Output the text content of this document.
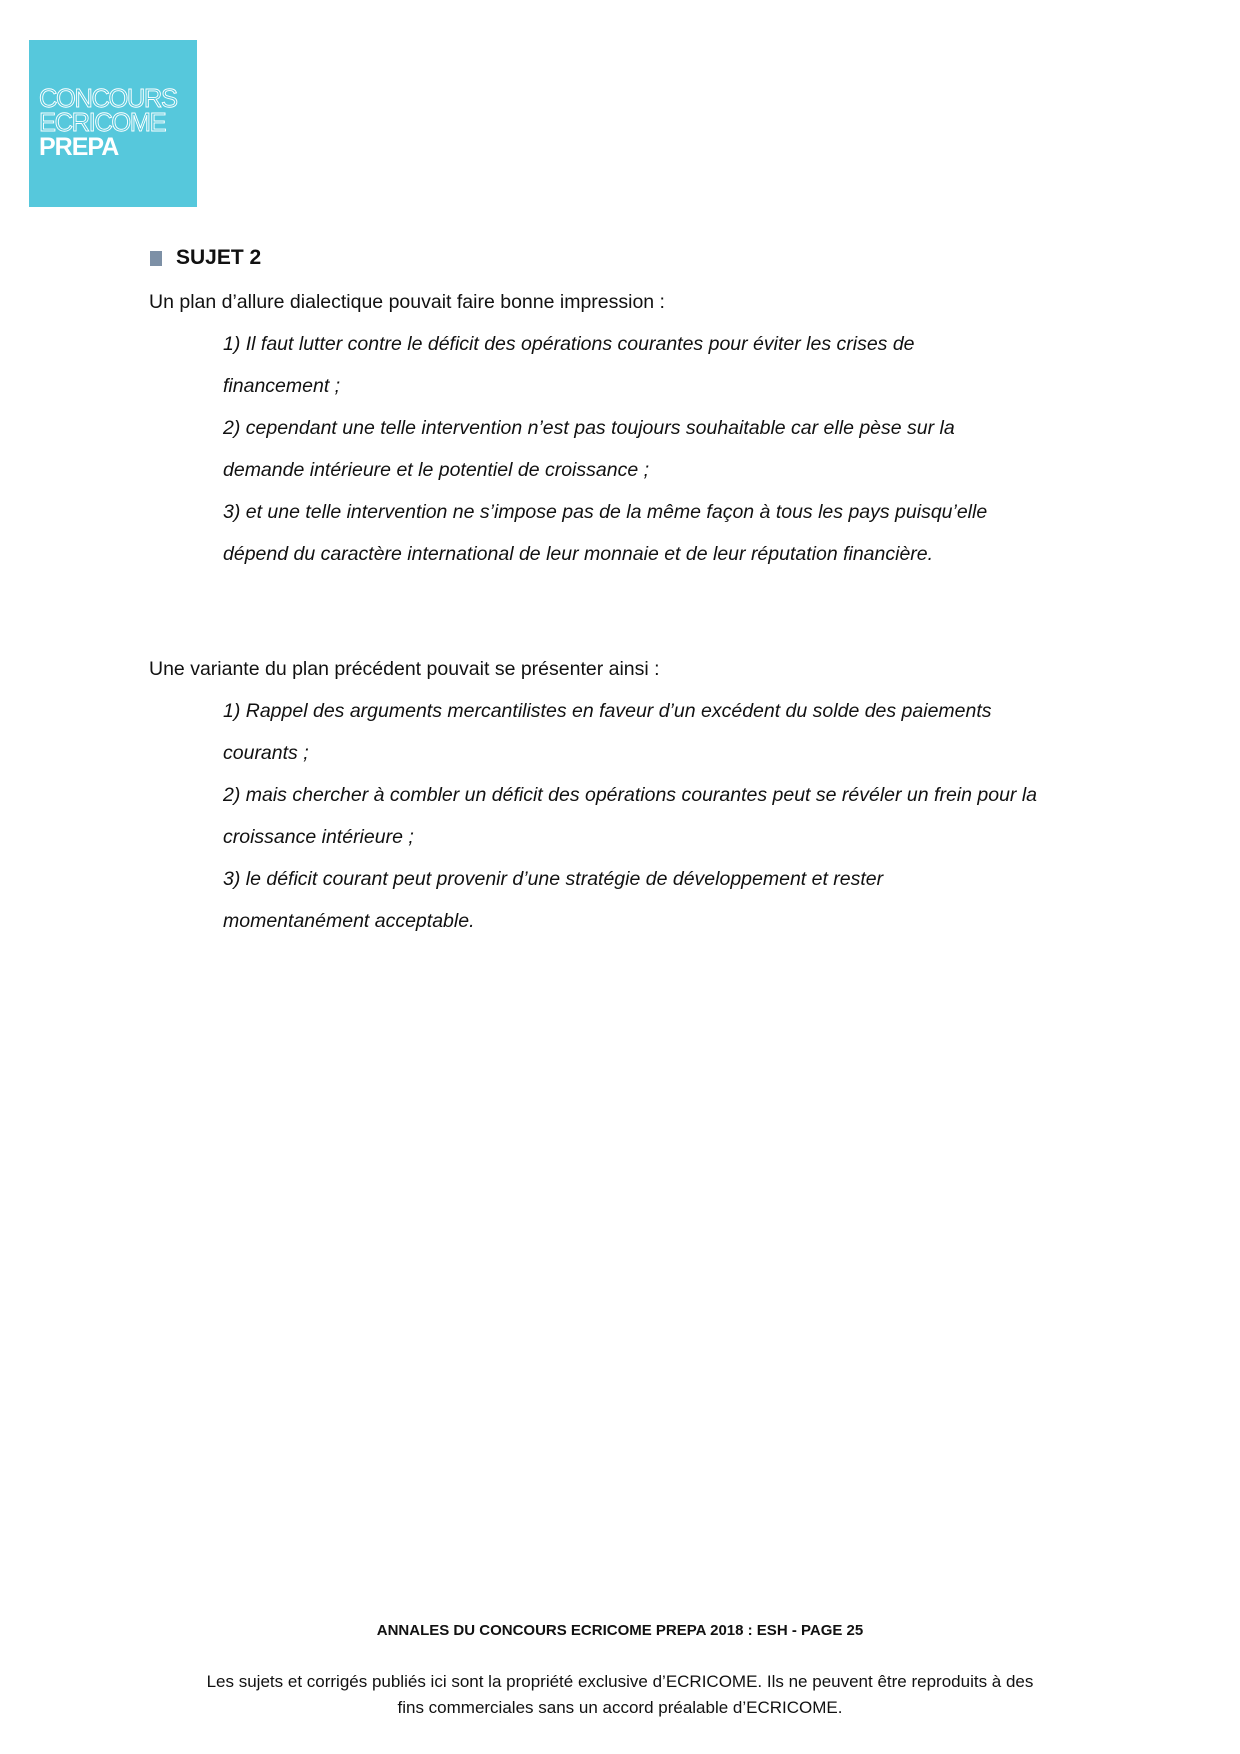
CONCOURS
ECRICOME
PREPA
SUJET 2
Un plan d’allure dialectique pouvait faire bonne impression :
1) Il faut lutter contre le déficit des opérations courantes pour éviter les crises de
financement ;
2) cependant une telle intervention n’est pas toujours souhaitable car elle pèse sur la
demande intérieure et le potentiel de croissance ;
3) et une telle intervention ne s’impose pas de la même façon à tous les pays puisqu’elle
dépend du caractère international de leur monnaie et de leur réputation financière.
Une variante du plan précédent pouvait se présenter ainsi :
1) Rappel des arguments mercantilistes en faveur d’un excédent du solde des paiements
courants ;
2) mais chercher à combler un déficit des opérations courantes peut se révéler un frein pour la
croissance intérieure ;
3) le déficit courant peut provenir d’une stratégie de développement et rester
momentanément acceptable.
ANNALES DU CONCOURS ECRICOME PREPA 2018 : ESH - PAGE 25
Les sujets et corrigés publiés ici sont la propriété exclusive d’ECRICOME. Ils ne peuvent être reproduits à des
fins commerciales sans un accord préalable d’ECRICOME.
